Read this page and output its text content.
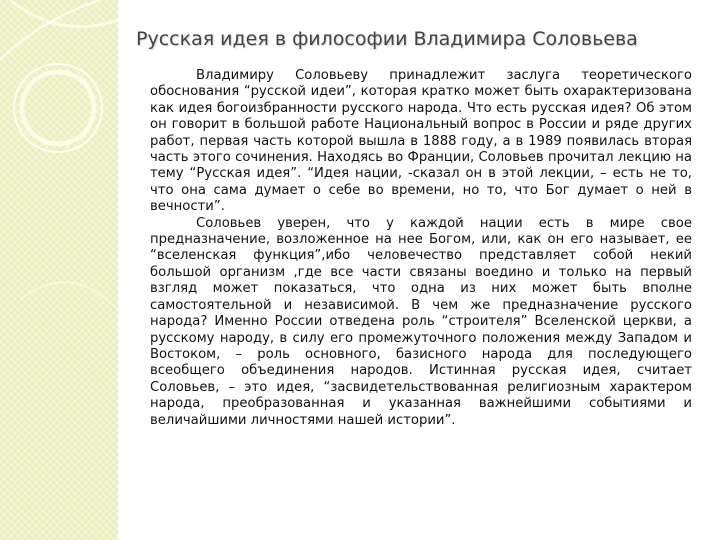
Русская идея в философии Владимира Соловьева

Владимиру Соловьеву принадлежит заслуга теоретического обоснования “русской идеи”, которая кратко может быть охарактеризована как идея богоизбранности русского народа. Что есть русская идея? Об этом он говорит в большой работе Национальный вопрос в России и ряде других работ, первая часть которой вышла в 1888 году, а в 1989 появилась вторая часть этого сочинения. Находясь во Франции, Соловьев прочитал лекцию на тему “Русская идея”. “Идея нации, -сказал он в этой лекции, – есть не то, что она сама думает о себе во времени, но то, что Бог думает о ней в вечности”.

Соловьев уверен, что у каждой нации есть в мире свое предназначение, возложенное на нее Богом, или, как он его называет, ее “вселенская функция”,ибо человечество представляет собой некий большой организм ,где все части связаны воедино и только на первый взгляд может показаться, что одна из них может быть вполне самостоятельной и независимой. В чем же предназначение русского народа? Именно России отведена роль “строителя” Вселенской церкви, а русскому народу, в силу его промежуточного положения между Западом и Востоком, – роль основного, базисного народа для последующего всеобщего объединения народов. Истинная русская идея, считает Соловьев, – это идея, “засвидетельствованная религиозным характером народа, преобразованная и указанная важнейшими событиями и величайшими личностями нашей истории”.
